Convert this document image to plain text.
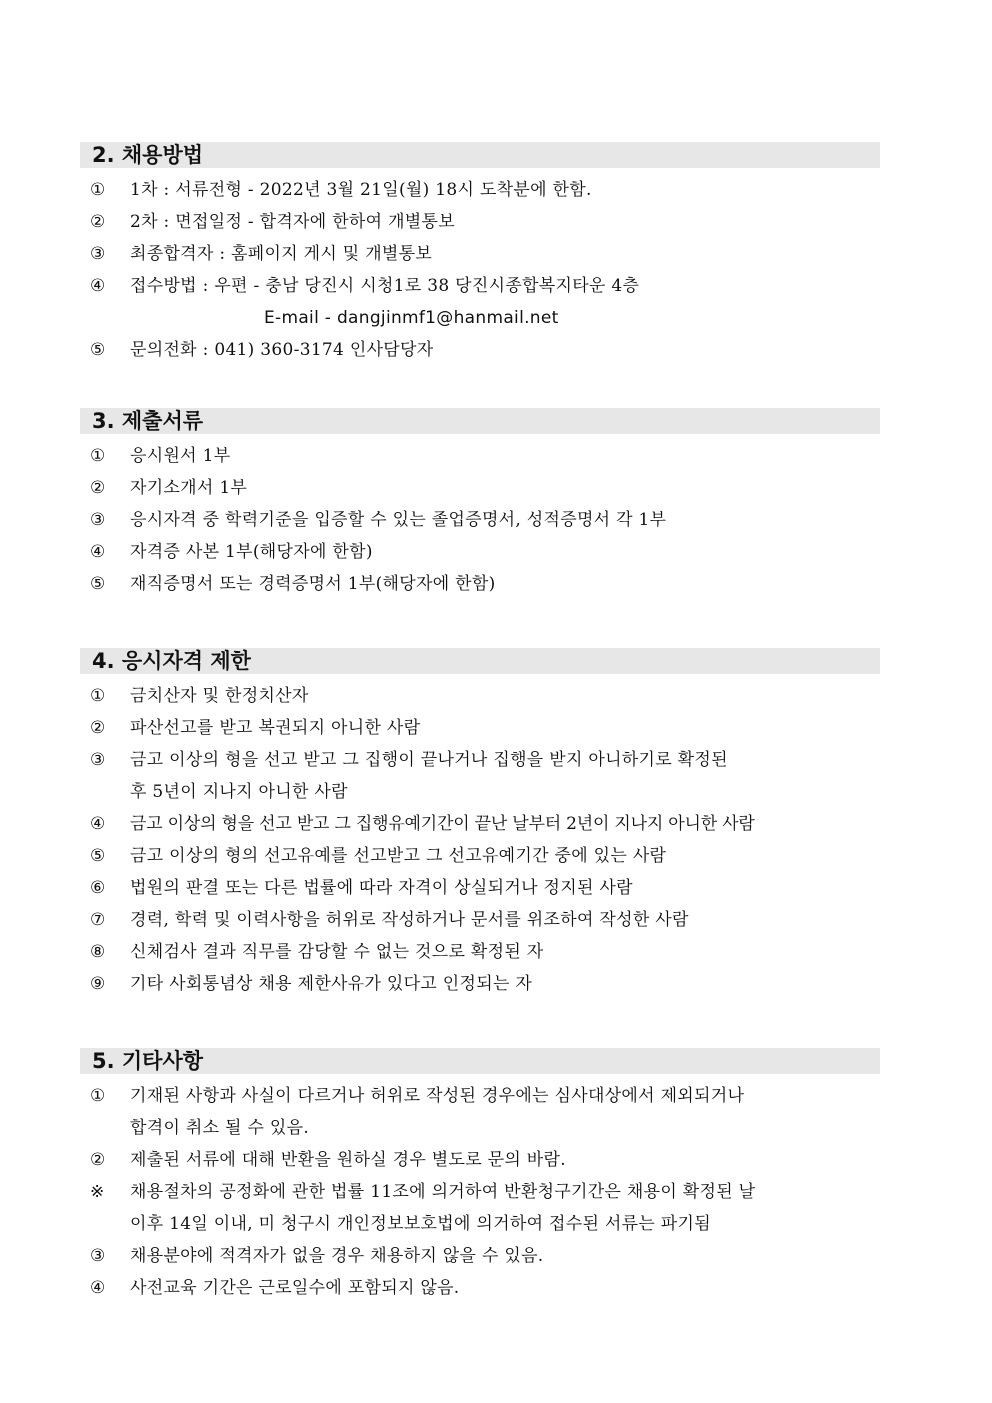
2. 채용방법
①	1차 : 서류전형 - 2022년 3월 21일(월) 18시 도착분에 한함.
②	2차 : 면접일정 - 합격자에 한하여 개별통보
③	최종합격자 : 홈페이지 게시 및 개별통보
④	접수방법 : 우편 - 충남 당진시 시청1로 38 당진시종합복지타운 4층
E-mail - dangjinmf1@hanmail.net
⑤	문의전화 : 041) 360-3174 인사담당자
3. 제출서류
①	응시원서 1부
②	자기소개서 1부
③	응시자격 중 학력기준을 입증할 수 있는 졸업증명서, 성적증명서 각 1부
④	자격증 사본 1부(해당자에 한함)
⑤	재직증명서 또는 경력증명서 1부(해당자에 한함)
4. 응시자격 제한
①	금치산자 및 한정치산자
②	파산선고를 받고 복권되지 아니한 사람
③	금고 이상의 형을 선고 받고 그 집행이 끝나거나 집행을 받지 아니하기로 확정된
후 5년이 지나지 아니한 사람
④	금고 이상의 형을 선고 받고 그 집행유예기간이 끝난 날부터 2년이 지나지 아니한 사람
⑤	금고 이상의 형의 선고유예를 선고받고 그 선고유예기간 중에 있는 사람
⑥	법원의 판결 또는 다른 법률에 따라 자격이 상실되거나 정지된 사람
⑦	경력, 학력 및 이력사항을 허위로 작성하거나 문서를 위조하여 작성한 사람
⑧	신체검사 결과 직무를 감당할 수 없는 것으로 확정된 자
⑨	기타 사회통념상 채용 제한사유가 있다고 인정되는 자
5. 기타사항
①	기재된 사항과 사실이 다르거나 허위로 작성된 경우에는 심사대상에서 제외되거나
합격이 취소 될 수 있음.
②	제출된 서류에 대해 반환을 원하실 경우 별도로 문의 바람.
※	채용절차의 공정화에 관한 법률 11조에 의거하여 반환청구기간은 채용이 확정된 날
이후 14일 이내, 미 청구시 개인정보보호법에 의거하여 접수된 서류는 파기됨
③	채용분야에 적격자가 없을 경우 채용하지 않을 수 있음.
④	사전교육 기간은 근로일수에 포함되지 않음.
